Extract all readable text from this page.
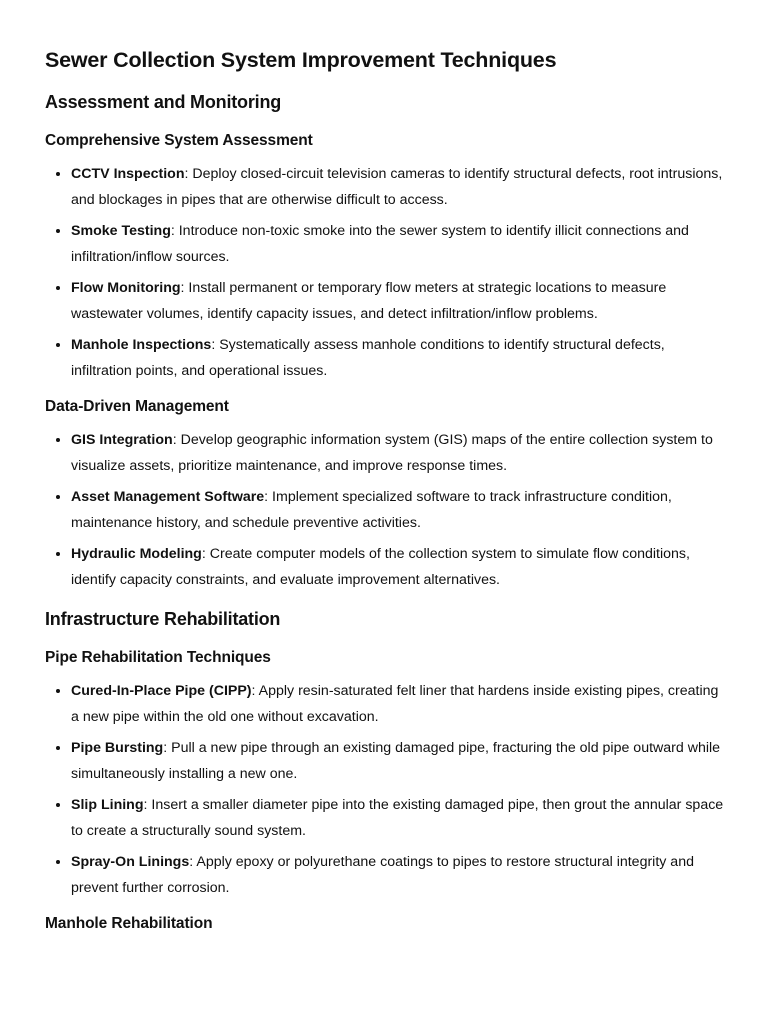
Sewer Collection System Improvement Techniques
Assessment and Monitoring
Comprehensive System Assessment
• CCTV Inspection: Deploy closed-circuit television cameras to identify structural defects, root intrusions, and blockages in pipes that are otherwise difficult to access.
• Smoke Testing: Introduce non-toxic smoke into the sewer system to identify illicit connections and infiltration/inflow sources.
• Flow Monitoring: Install permanent or temporary flow meters at strategic locations to measure wastewater volumes, identify capacity issues, and detect infiltration/inflow problems.
• Manhole Inspections: Systematically assess manhole conditions to identify structural defects, infiltration points, and operational issues.
Data-Driven Management
• GIS Integration: Develop geographic information system (GIS) maps of the entire collection system to visualize assets, prioritize maintenance, and improve response times.
• Asset Management Software: Implement specialized software to track infrastructure condition, maintenance history, and schedule preventive activities.
• Hydraulic Modeling: Create computer models of the collection system to simulate flow conditions, identify capacity constraints, and evaluate improvement alternatives.
Infrastructure Rehabilitation
Pipe Rehabilitation Techniques
• Cured-In-Place Pipe (CIPP): Apply resin-saturated felt liner that hardens inside existing pipes, creating a new pipe within the old one without excavation.
• Pipe Bursting: Pull a new pipe through an existing damaged pipe, fracturing the old pipe outward while simultaneously installing a new one.
• Slip Lining: Insert a smaller diameter pipe into the existing damaged pipe, then grout the annular space to create a structurally sound system.
• Spray-On Linings: Apply epoxy or polyurethane coatings to pipes to restore structural integrity and prevent further corrosion.
Manhole Rehabilitation
